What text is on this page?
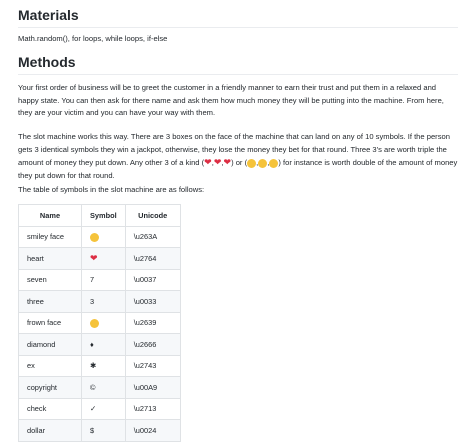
Materials

Math.random(), for loops, while loops, if-else

Methods

Your first order of business will be to greet the customer in a friendly manner to earn their trust and put them in a relaxed and happy state. You can then ask for there name and ask them how much money they will be putting into the machine. From here, they are your victim and you can have your way with them.

The slot machine works this way. There are 3 boxes on the face of the machine that can land on any of 10 symbols. If the person gets 3 identical symbols they win a jackpot, otherwise, they lose the money they bet for that round. Three 3's are worth triple the amount of money they put down. Any other 3 of a kind (❤,❤,❤) or ( , , ) for instance is worth double of the amount of money they put down for that round.

The table of symbols in the slot machine are as follows:

Name	Symbol	Unicode
smiley face		\u263A
heart	❤	\u2764
seven	7	\u0037
three	3	\u0033
frown face		\u2639
diamond	♦	\u2666
ex	✱	\u2743
copyright	©	\u00A9
check	✓	\u2713
dollar	$	\u0024
